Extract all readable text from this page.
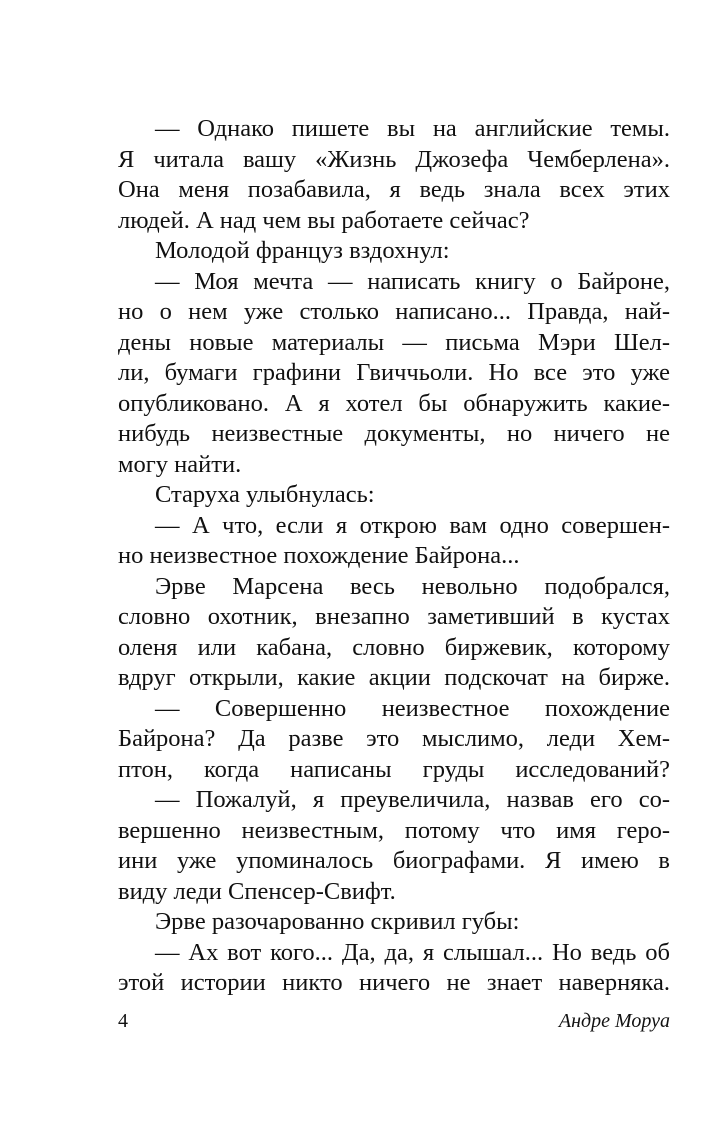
— Однако пишете вы на английские темы.
Я читала вашу «Жизнь Джозефа Чемберлена».
Она меня позабавила, я ведь знала всех этих
людей. А над чем вы работаете сейчас?
Молодой француз вздохнул:
— Моя мечта — написать книгу о Байроне,
но о нем уже столько написано... Правда, най-
дены новые материалы — письма Мэри Шел-
ли, бумаги графини Гвиччьоли. Но все это уже
опубликовано. А я хотел бы обнаружить какие-
нибудь неизвестные документы, но ничего не
могу найти.
Старуха улыбнулась:
— А что, если я открою вам одно совершен-
но неизвестное похождение Байрона...
Эрве Марсена весь невольно подобрался,
словно охотник, внезапно заметивший в кустах
оленя или кабана, словно биржевик, которому
вдруг открыли, какие акции подскочат на бирже.
— Совершенно неизвестное похождение
Байрона? Да разве это мыслимо, леди Хем-
птон, когда написаны груды исследований?
— Пожалуй, я преувеличила, назвав его со-
вершенно неизвестным, потому что имя геро-
ини уже упоминалось биографами. Я имею в
виду леди Спенсер-Свифт.
Эрве разочарованно скривил губы:
— Ах вот кого... Да, да, я слышал... Но ведь об
этой истории никто ничего не знает наверняка.
4	Андре Моруа
